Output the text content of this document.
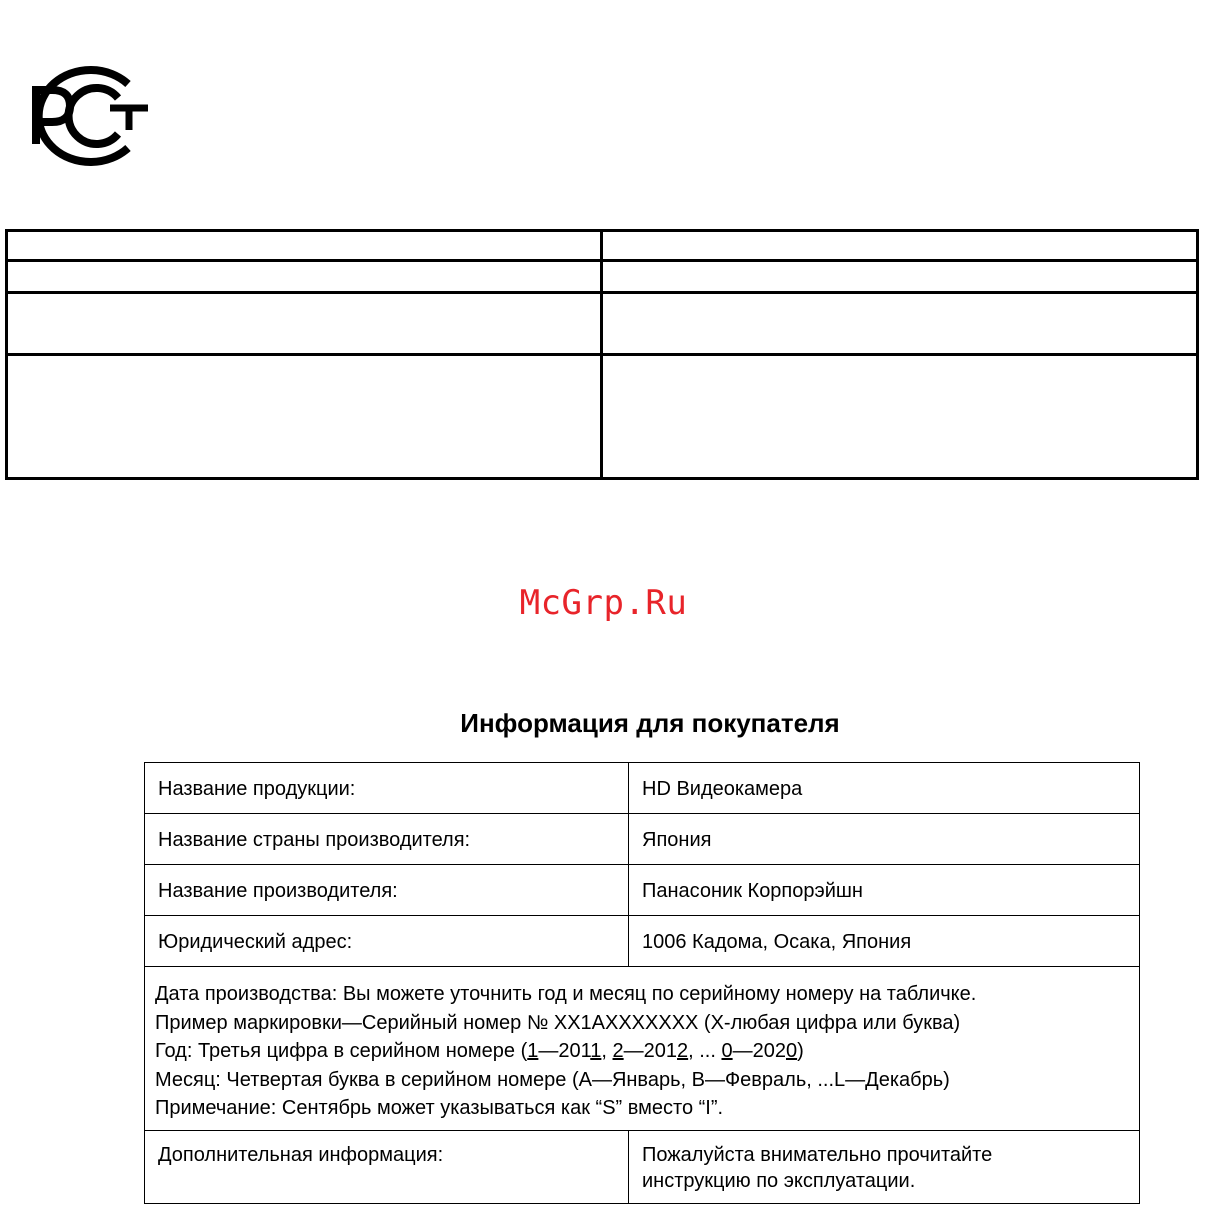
McGrp.Ru
Информация для покупателя
Название продукции:	HD Видеокамера
Название страны производителя:	Япония
Название производителя:	Панасоник Корпорэйшн
Юридический адрес:	1006 Кадома, Осака, Япония

Дата производства: Вы можете уточнить год и месяц по серийному номеру на табличке.
Пример маркировки—Серийный номер № XX1AXXXXXXX (X-любая цифра или буква)
Год: Третья цифра в серийном номере (1—2011, 2—2012, ... 0—2020)
Месяц: Четвертая буква в серийном номере (A—Январь, B—Февраль, ...L—Декабрь)
Примечание: Сентябрь может указываться как “S” вместо “I”.	

Дополнительная информация:	Пожалуйста внимательно прочитайте
инструкцию по эксплуатации.
